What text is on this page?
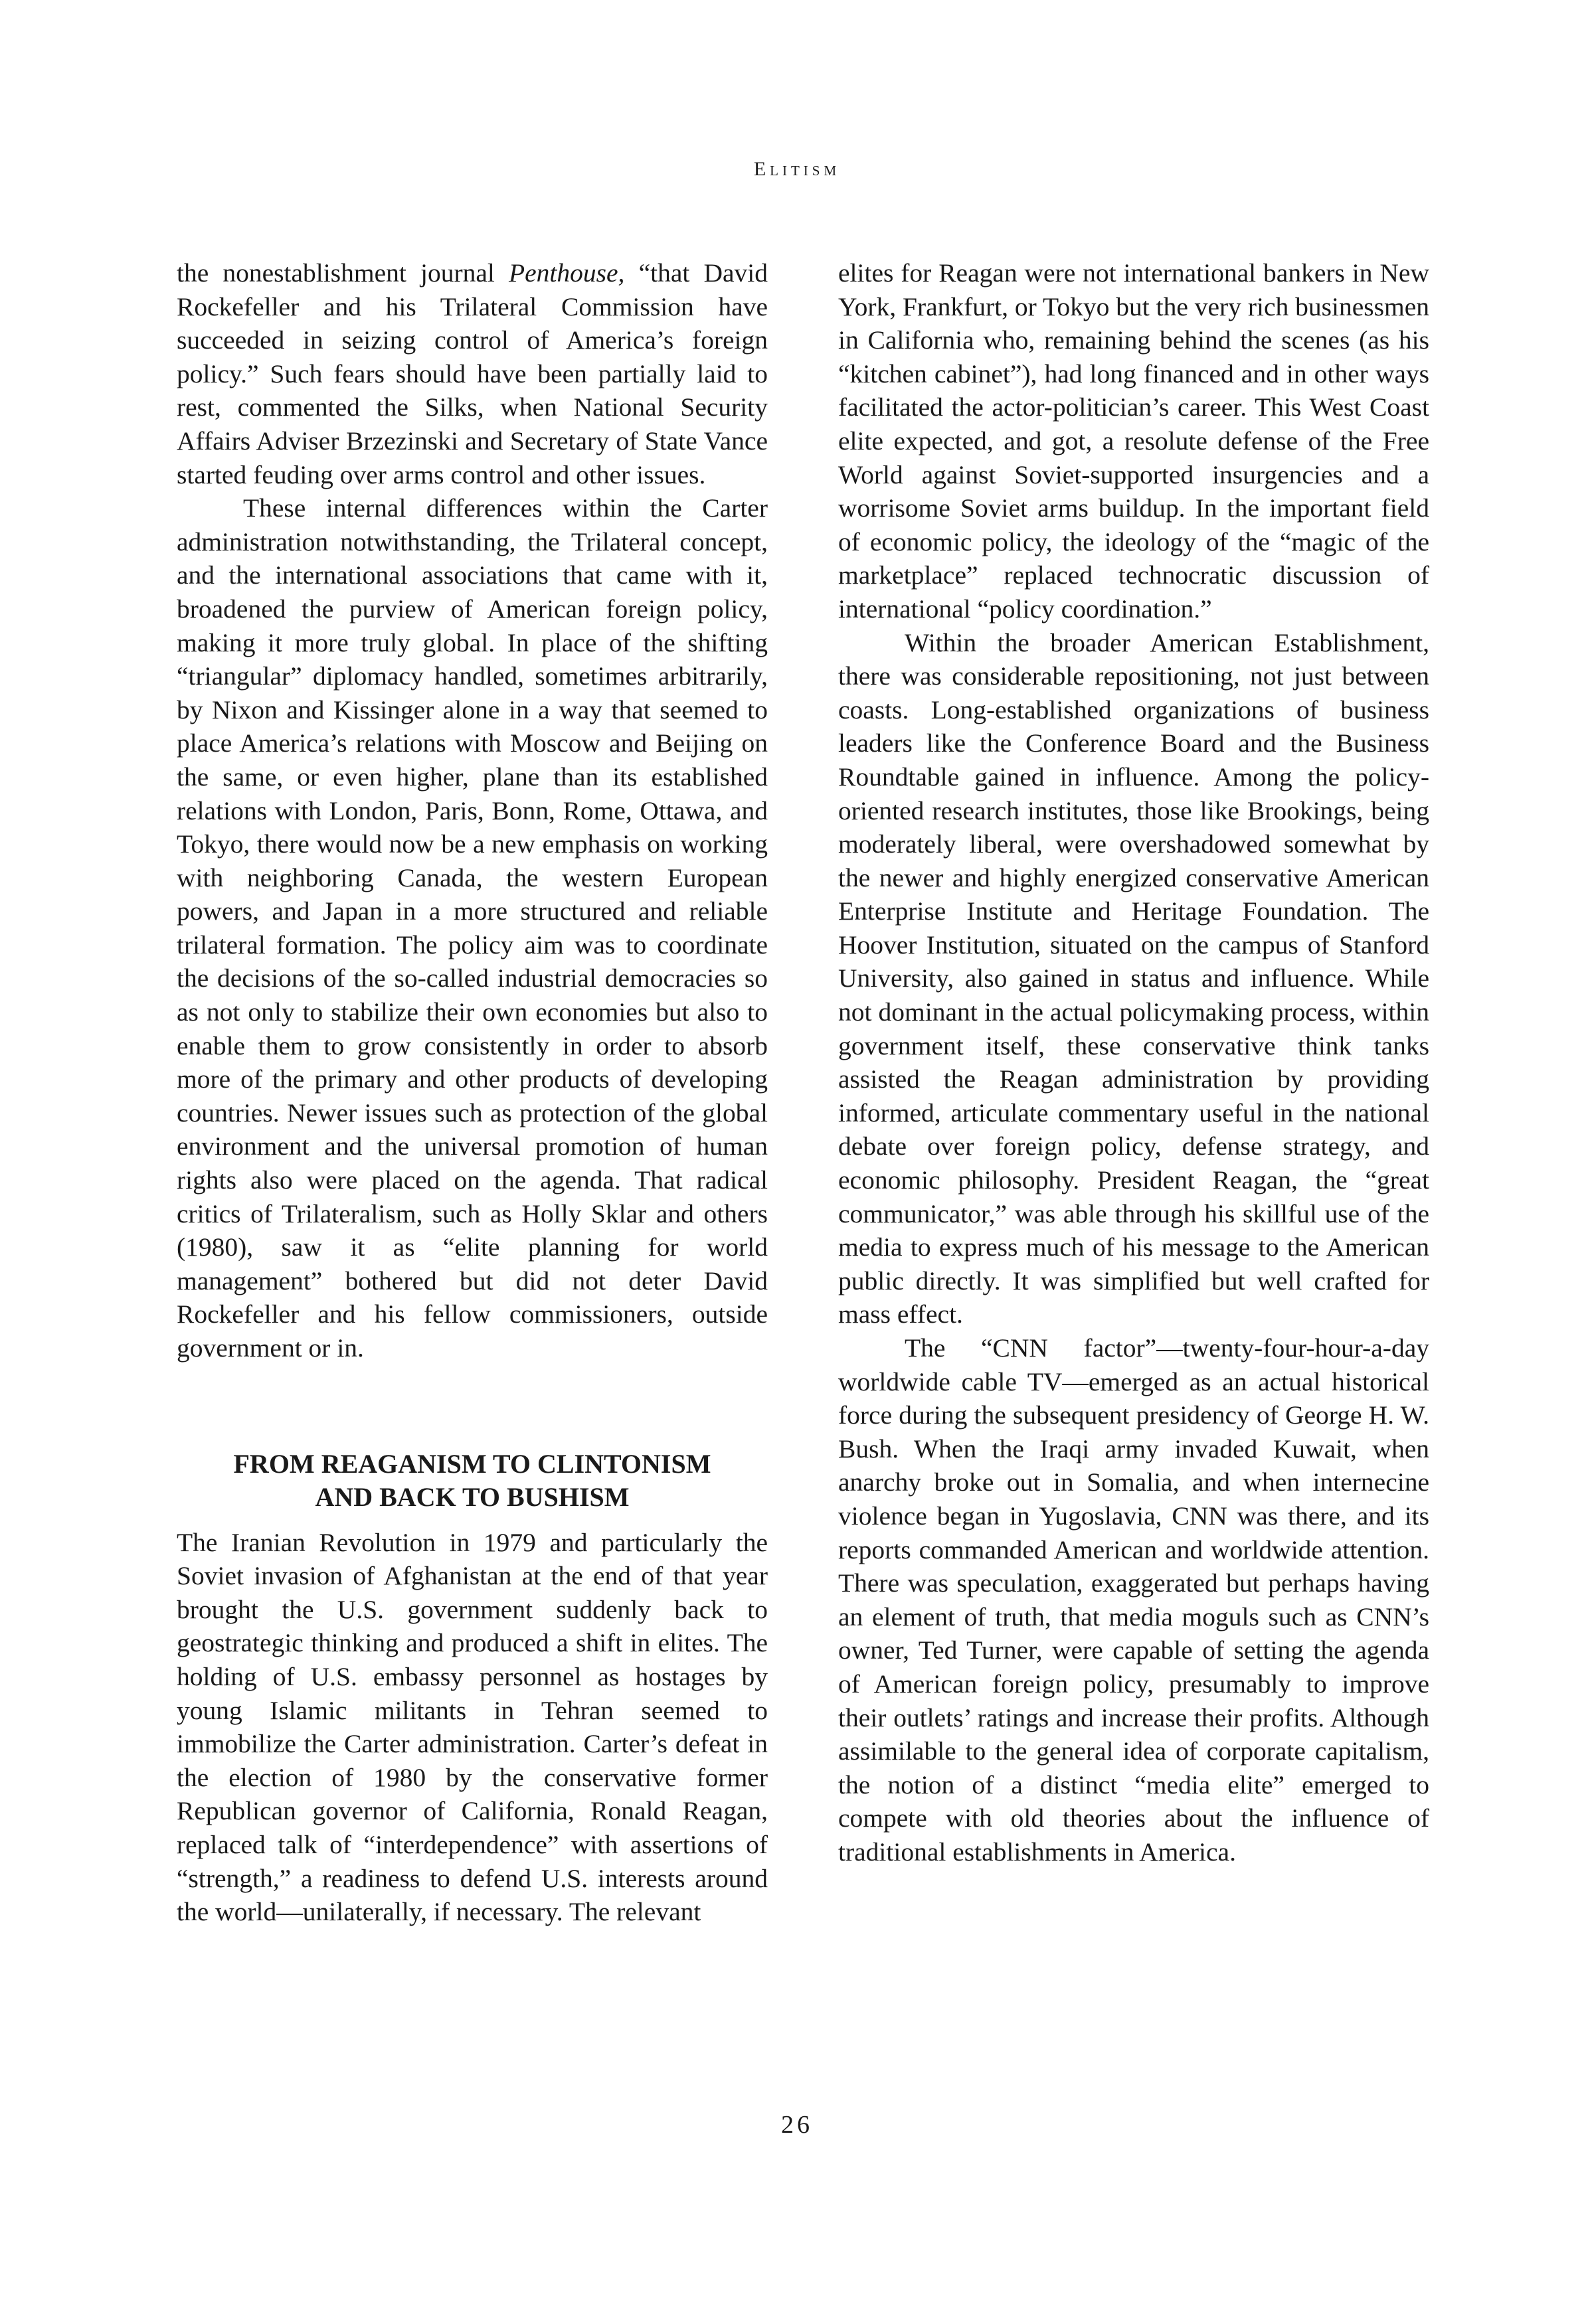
Elitism

the nonestablishment journal Penthouse, “that David Rockefeller and his Trilateral Commission have succeeded in seizing control of America’s foreign policy.” Such fears should have been partially laid to rest, commented the Silks, when National Security Affairs Adviser Brzezinski and Secretary of State Vance started feuding over arms control and other issues.

These internal differences within the Carter administration notwithstanding, the Trilateral concept, and the international associations that came with it, broadened the purview of American foreign policy, making it more truly global. In place of the shifting “triangular” diplomacy handled, sometimes arbitrarily, by Nixon and Kissinger alone in a way that seemed to place America’s relations with Moscow and Beijing on the same, or even higher, plane than its established relations with London, Paris, Bonn, Rome, Ottawa, and Tokyo, there would now be a new emphasis on working with neighboring Canada, the western European powers, and Japan in a more structured and reliable trilateral formation. The policy aim was to coordinate the decisions of the so-called industrial democracies so as not only to stabilize their own economies but also to enable them to grow consistently in order to absorb more of the primary and other products of developing countries. Newer issues such as protection of the global environment and the universal promotion of human rights also were placed on the agenda. That radical critics of Trilateralism, such as Holly Sklar and others (1980), saw it as “elite planning for world management” bothered but did not deter David Rockefeller and his fellow commissioners, outside government or in.

FROM REAGANISM TO CLINTONISM
AND BACK TO BUSHISM

The Iranian Revolution in 1979 and particularly the Soviet invasion of Afghanistan at the end of that year brought the U.S. government suddenly back to geostrategic thinking and produced a shift in elites. The holding of U.S. embassy personnel as hostages by young Islamic militants in Tehran seemed to immobilize the Carter administration. Carter’s defeat in the election of 1980 by the conservative former Republican governor of California, Ronald Reagan, replaced talk of “interdependence” with assertions of “strength,” a readiness to defend U.S. interests around the world—unilaterally, if necessary. The relevant

elites for Reagan were not international bankers in New York, Frankfurt, or Tokyo but the very rich businessmen in California who, remaining behind the scenes (as his “kitchen cabinet”), had long financed and in other ways facilitated the actor-politician’s career. This West Coast elite expected, and got, a resolute defense of the Free World against Soviet-supported insurgencies and a worrisome Soviet arms buildup. In the important field of economic policy, the ideology of the “magic of the marketplace” replaced technocratic discussion of international “policy coordination.”

Within the broader American Establishment, there was considerable repositioning, not just between coasts. Long-established organizations of business leaders like the Conference Board and the Business Roundtable gained in influence. Among the policy-oriented research institutes, those like Brookings, being moderately liberal, were overshadowed somewhat by the newer and highly energized conservative American Enterprise Institute and Heritage Foundation. The Hoover Institution, situated on the campus of Stanford University, also gained in status and influence. While not dominant in the actual policymaking process, within government itself, these conservative think tanks assisted the Reagan administration by providing informed, articulate commentary useful in the national debate over foreign policy, defense strategy, and economic philosophy. President Reagan, the “great communicator,” was able through his skillful use of the media to express much of his message to the American public directly. It was simplified but well crafted for mass effect.

The “CNN factor”—twenty-four-hour-a-day worldwide cable TV—emerged as an actual historical force during the subsequent presidency of George H. W. Bush. When the Iraqi army invaded Kuwait, when anarchy broke out in Somalia, and when internecine violence began in Yugoslavia, CNN was there, and its reports commanded American and worldwide attention. There was speculation, exaggerated but perhaps having an element of truth, that media moguls such as CNN’s owner, Ted Turner, were capable of setting the agenda of American foreign policy, presumably to improve their outlets’ ratings and increase their profits. Although assimilable to the general idea of corporate capitalism, the notion of a distinct “media elite” emerged to compete with old theories about the influence of traditional establishments in America.

26
